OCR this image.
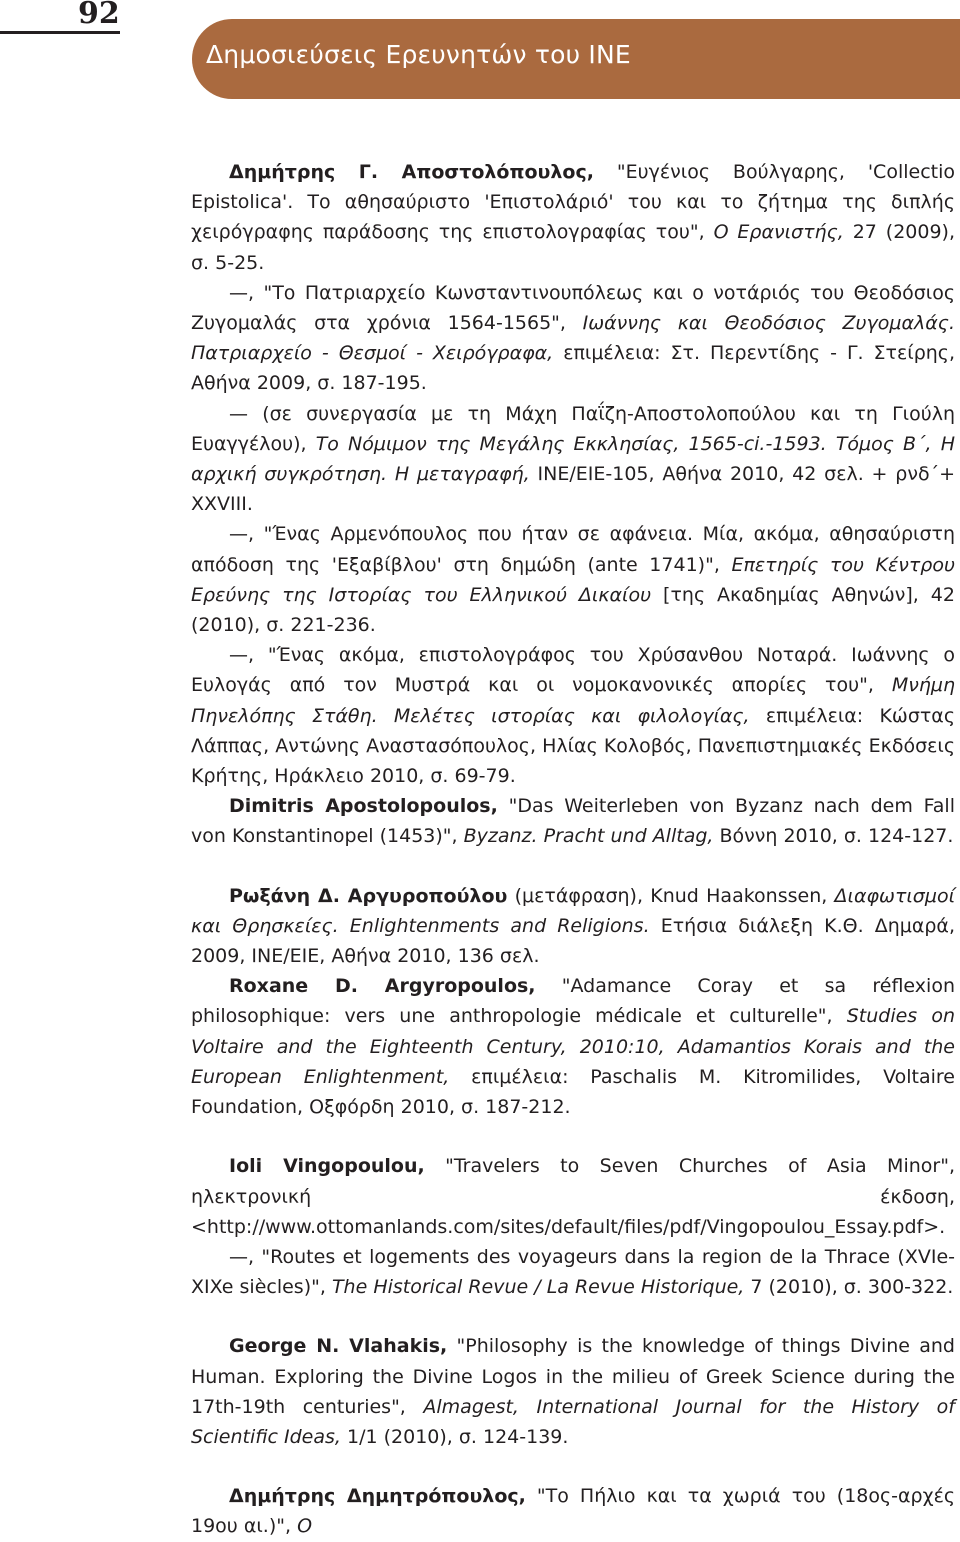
92
Δημοσιεύσεις Ερευνητών του ΙΝΕ

Δημήτρης Γ. Αποστολόπουλος, "Ευγένιος Βούλγαρης, 'Collectio Epistolica'. Το αθησαύριστο 'Επιστολάριό' του και το ζήτημα της διπλής χειρόγραφης παράδοσης της επιστολογραφίας του", Ο Ερανιστής, 27 (2009), σ. 5-25.

—, "Το Πατριαρχείο Κωνσταντινουπόλεως και ο νοτάριός του Θεοδόσιος Ζυγομαλάς στα χρόνια 1564-1565", Ιωάννης και Θεοδόσιος Ζυγομαλάς. Πατριαρχείο - Θεσμοί - Χειρόγραφα, επιμέλεια: Στ. Περεντίδης - Γ. Στείρης, Αθήνα 2009, σ. 187-195.

— (σε συνεργασία με τη Μάχη Παΐζη-Αποστολοπούλου και τη Γιούλη Ευαγγέλου), Το Νόμιμον της Μεγάλης Εκκλησίας, 1565-ci.-1593. Τόμος Β΄, Η αρχική συγκρότηση. Η μεταγραφή, ΙΝΕ/ΕΙΕ-105, Αθήνα 2010, 42 σελ. + ρνδ΄+ XXVIII.

—, "Ένας Αρμενόπουλος που ήταν σε αφάνεια. Μία, ακόμα, αθησαύριστη απόδοση της 'Εξαβίβλου' στη δημώδη (ante 1741)", Επετηρίς του Κέντρου Ερεύνης της Ιστορίας του Ελληνικού Δικαίου [της Ακαδημίας Αθηνών], 42 (2010), σ. 221-236.

—, "Ένας ακόμα, επιστολογράφος του Χρύσανθου Νοταρά. Ιωάννης ο Ευλογάς από τον Μυστρά και οι νομοκανονικές απορίες του", Μνήμη Πηνελόπης Στάθη. Μελέτες ιστορίας και φιλολογίας, επιμέλεια: Κώστας Λάππας, Αντώνης Αναστασόπουλος, Ηλίας Κολοβός, Πανεπιστημιακές Εκδόσεις Κρήτης, Ηράκλειο 2010, σ. 69-79.

Dimitris Apostolopoulos, "Das Weiterleben von Byzanz nach dem Fall von Konstantinopel (1453)", Byzanz. Pracht und Alltag, Βόννη 2010, σ. 124-127.

Ρωξάνη Δ. Αργυροπούλου (μετάφραση), Knud Haakonssen, Διαφωτισμοί και Θρησκείες. Enlightenments and Religions. Ετήσια διάλεξη Κ.Θ. Δημαρά, 2009, ΙΝΕ/ΕΙΕ, Αθήνα 2010, 136 σελ.

Roxane D. Argyropoulos, "Adamance Coray et sa réflexion philosophique: vers une anthropologie médicale et culturelle", Studies on Voltaire and the Eighteenth Century, 2010:10, Adamantios Korais and the European Enlightenment, επιμέλεια: Paschalis M. Kitromilides, Voltaire Foundation, Οξφόρδη 2010, σ. 187-212.

Ioli Vingopoulou, "Travelers to Seven Churches of Asia Minor", ηλεκτρονική έκδοση, <http://www.ottomanlands.com/sites/default/files/pdf/Vingopoulou_Essay.pdf>.

—, "Routes et logements des voyageurs dans la region de la Thrace (XVIe-XIXe siècles)", The Historical Revue / La Revue Historique, 7 (2010), σ. 300-322.

George N. Vlahakis, "Philosophy is the knowledge of things Divine and Human. Exploring the Divine Logos in the milieu of Greek Science during the 17th-19th centuries", Almagest, International Journal for the History of Scientific Ideas, 1/1 (2010), σ. 124-139.

Δημήτρης Δημητρόπουλος, "Το Πήλιο και τα χωριά του (18ος-αρχές 19ου αι.)", Ο
